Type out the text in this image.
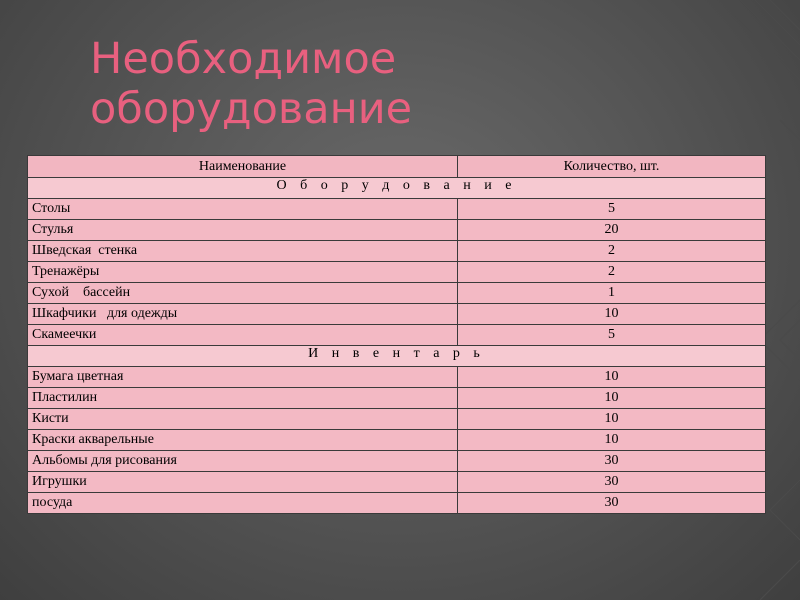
Необходимое
оборудование
Наименование	Количество, шт.
О б о р у д о в а н и е	
Столы	5
Стулья	20
Шведская  стенка	2
Тренажёры	2
Сухой    бассейн	1
Шкафчики   для одежды	10
Скамеечки	5
И н в е н т а р ь	
Бумага цветная	10
Пластилин	10
Кисти	10
Краски акварельные	10
Альбомы для рисования	30
Игрушки	30
посуда	30
